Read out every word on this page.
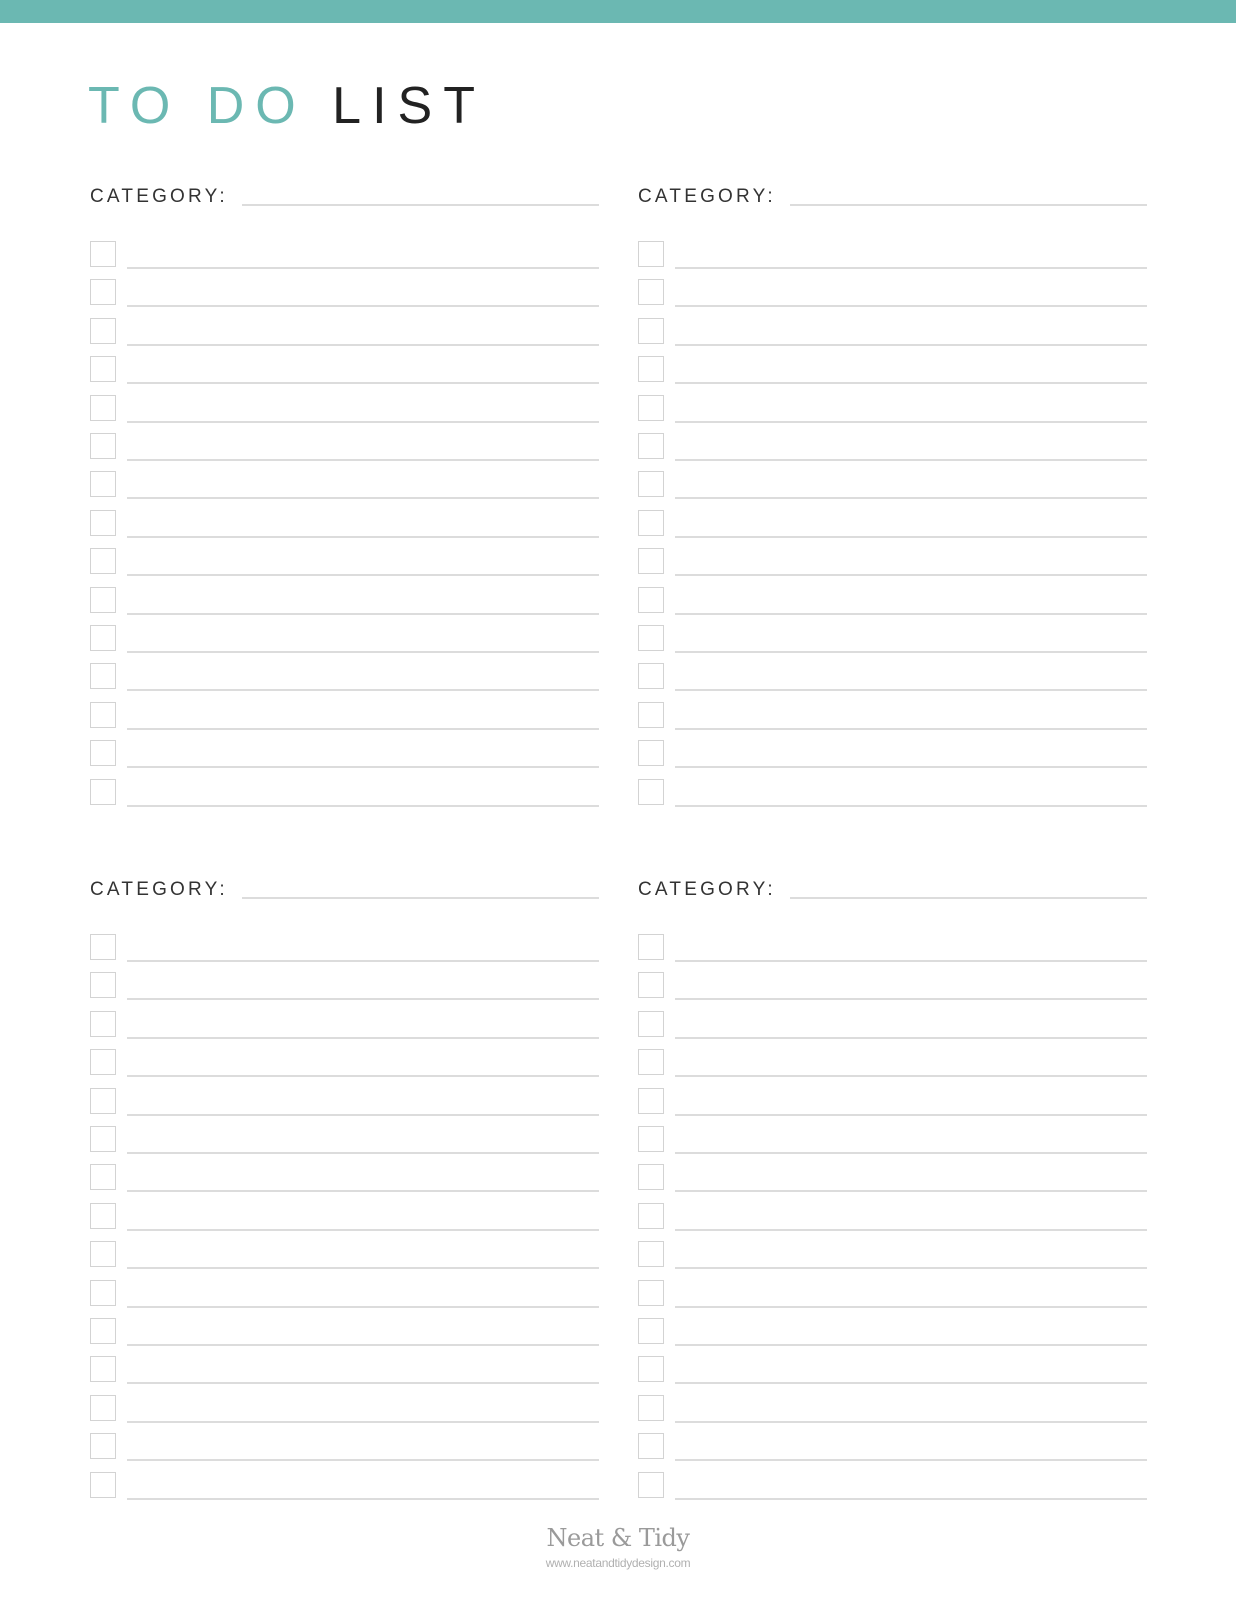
TO DO LIST
CATEGORY:	CATEGORY:
CATEGORY:	CATEGORY:
Neat & Tidy
www.neatandtidydesign.com
